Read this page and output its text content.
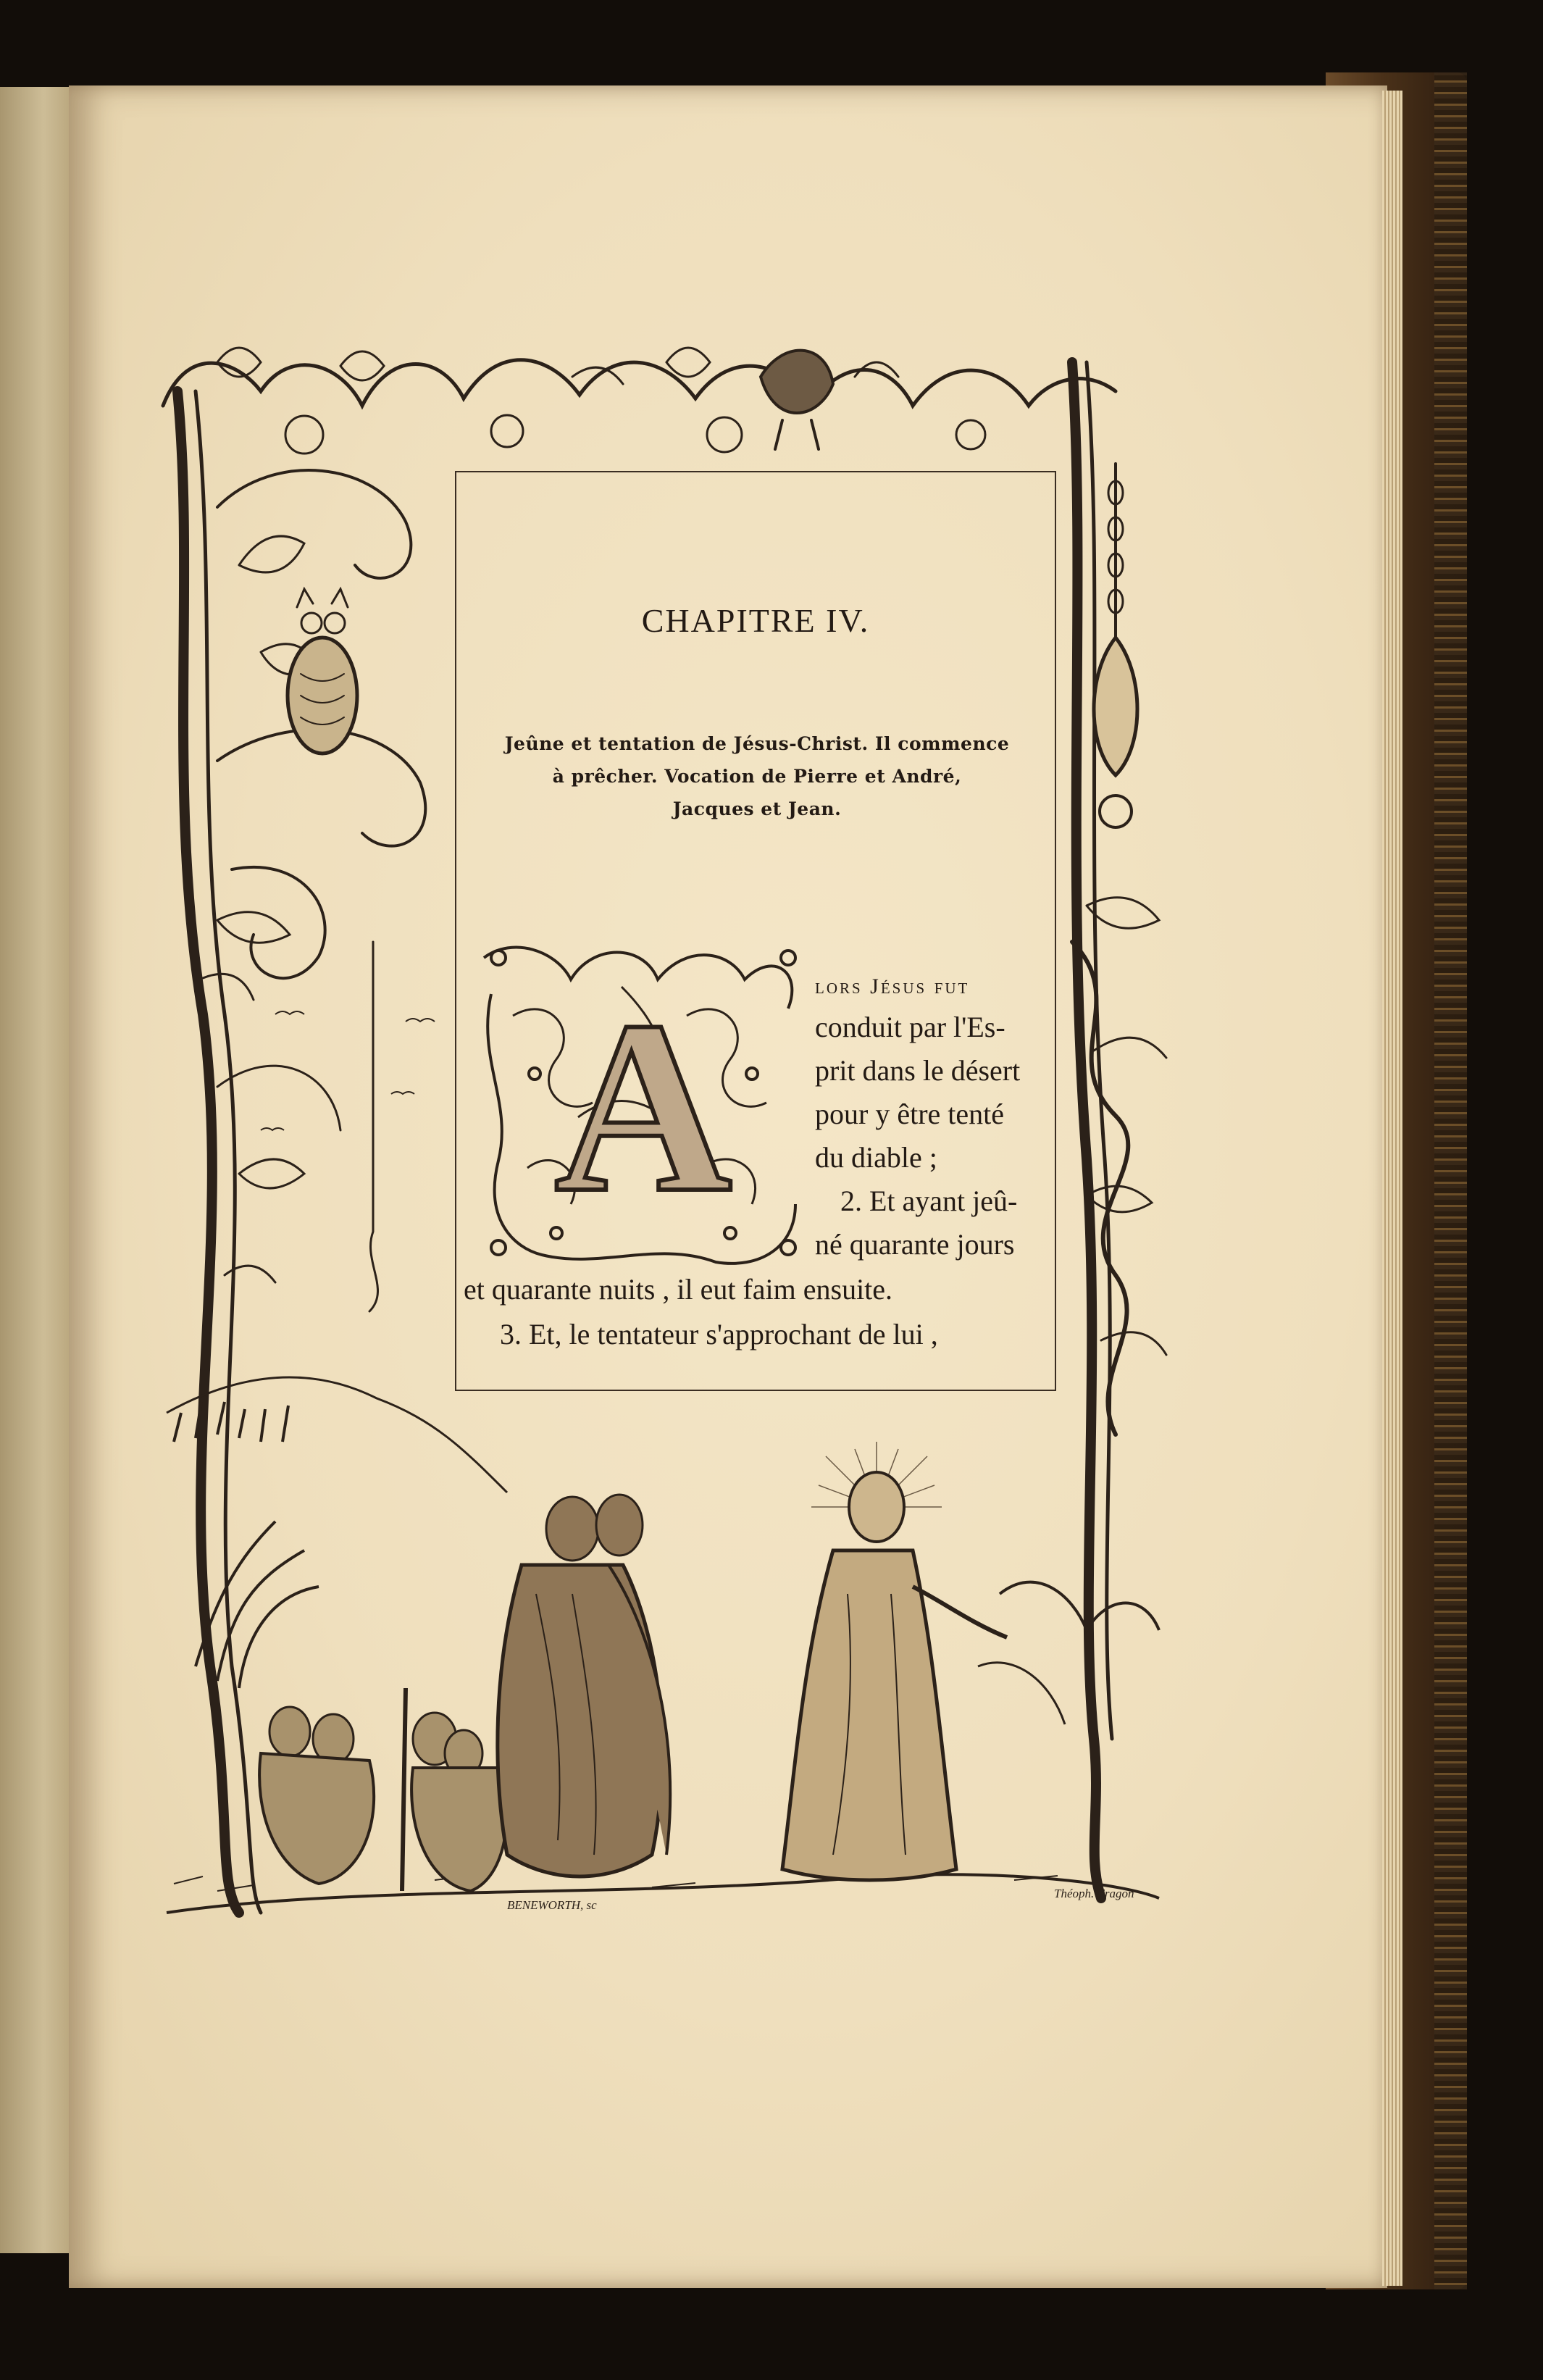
CHAPITRE IV.
Jeûne et tentation de Jésus-Christ. Il commence
à prêcher. Vocation de Pierre et André,
Jacques et Jean.
A	lors Jésus fut
conduit par l'Es-
prit dans le désert
pour y être tenté
du diable ;
2. Et ayant jeû-
né quarante jours
et quarante nuits , il eut faim ensuite.
3. Et, le tentateur s'approchant de lui ,
BENEWORTH, sc
Théoph. Fragon
